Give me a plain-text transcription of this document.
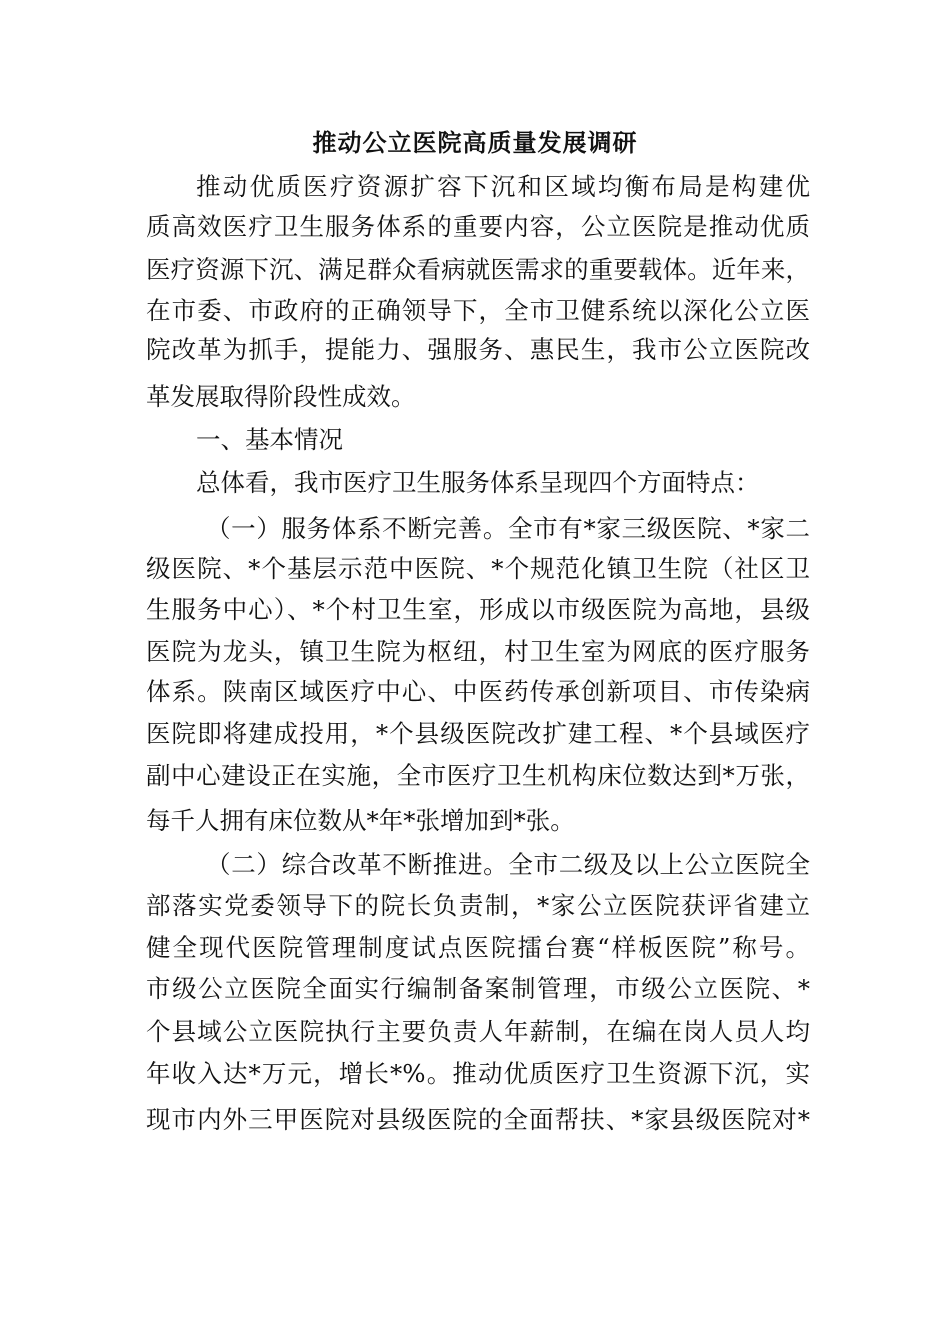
推动公立医院高质量发展调研
推动优质医疗资源扩容下沉和区域均衡布局是构建优
质高效医疗卫生服务体系的重要内容，公立医院是推动优质
医疗资源下沉、满足群众看病就医需求的重要载体。近年来，
在市委、市政府的正确领导下，全市卫健系统以深化公立医
院改革为抓手，提能力、强服务、惠民生，我市公立医院改
革发展取得阶段性成效。
一、基本情况
总体看，我市医疗卫生服务体系呈现四个方面特点：
（一）服务体系不断完善。全市有*家三级医院、*家二
级医院、*个基层示范中医院、*个规范化镇卫生院（社区卫
生服务中心）、*个村卫生室，形成以市级医院为高地，县级
医院为龙头，镇卫生院为枢纽，村卫生室为网底的医疗服务
体系。陕南区域医疗中心、中医药传承创新项目、市传染病
医院即将建成投用，*个县级医院改扩建工程、*个县域医疗
副中心建设正在实施，全市医疗卫生机构床位数达到*万张，
每千人拥有床位数从*年*张增加到*张。
（二）综合改革不断推进。全市二级及以上公立医院全
部落实党委领导下的院长负责制，*家公立医院获评省建立
健全现代医院管理制度试点医院擂台赛“样板医院”称号。
市级公立医院全面实行编制备案制管理，市级公立医院、*
个县域公立医院执行主要负责人年薪制，在编在岗人员人均
年收入达*万元，增长*%。推动优质医疗卫生资源下沉，实
现市内外三甲医院对县级医院的全面帮扶、*家县级医院对*
